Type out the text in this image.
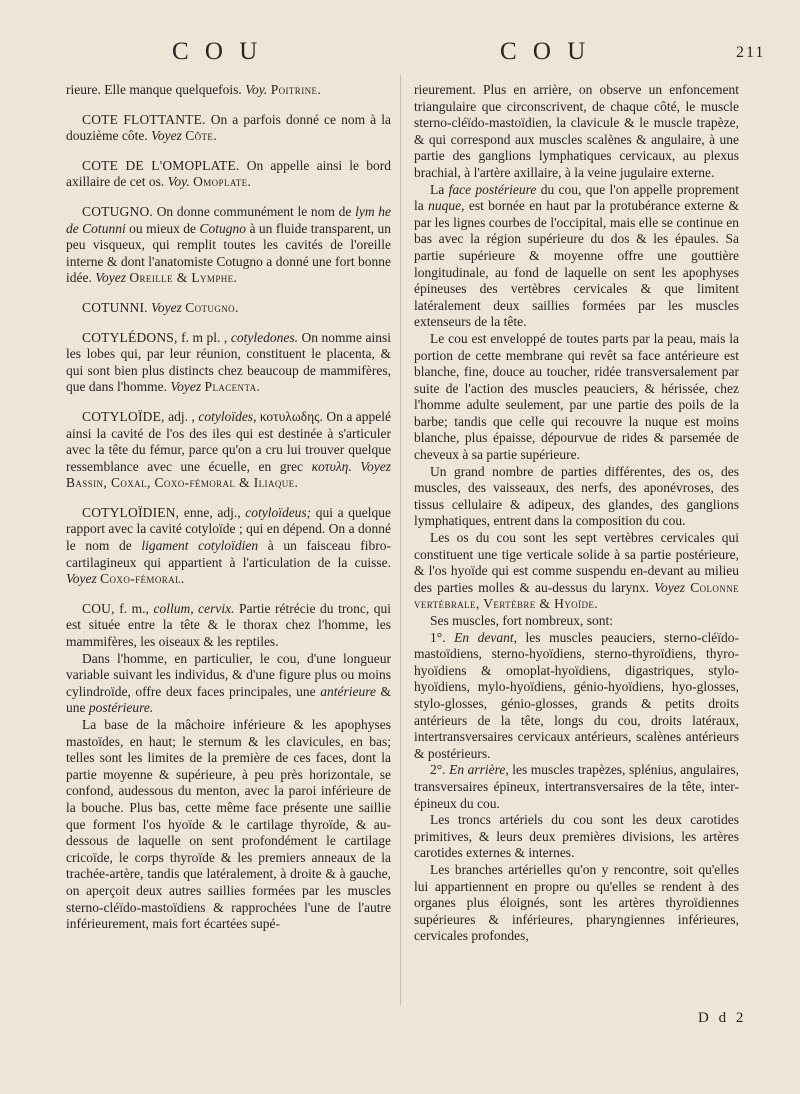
C O U	C O U	211

rieure. Elle manque quelquefois. Voy. Poitrine.

COTE FLOTTANTE. On a parfois donné ce nom à la douzième côte. Voyez Côte.

COTE DE L'OMOPLATE. On appelle ainsi le bord axillaire de cet os. Voy. Omoplate.

COTUGNO. On donne communément le nom de lym he de Cotunni ou mieux de Cotugno à un fluide transparent, un peu visqueux, qui remplit toutes les cavités de l'oreille interne & dont l'anatomiste Cotugno a donné une fort bonne idée. Voyez Oreille & Lymphe.

COTUNNI. Voyez Cotugno.

COTYLÉDONS, f. m pl. , cotyledones. On nomme ainsi les lobes qui, par leur réunion, constituent le placenta, & qui sont bien plus distincts chez beaucoup de mammifères, que dans l'homme. Voyez Placenta.

COTYLOÏDE, adj. , cotyloïdes, κοτυλωδης. On a appelé ainsi la cavité de l'os des iles qui est destinée à s'articuler avec la tête du fémur, parce qu'on a cru lui trouver quelque ressemblance avec une écuelle, en grec κοτυλη. Voyez Bassin, Coxal, Coxo-fémoral & Iliaque.

COTYLOÏDIEN, enne, adj., cotyloïdeus; qui a quelque rapport avec la cavité cotyloïde ; qui en dépend. On a donné le nom de ligament cotyloïdien à un faisceau fibro-cartilagineux qui appartient à l'articulation de la cuisse. Voyez Coxo-fémoral.

COU, f. m., collum, cervix. Partie rétrécie du tronc, qui est située entre la tête & le thorax chez l'homme, les mammifères, les oiseaux & les reptiles.

Dans l'homme, en particulier, le cou, d'une longueur variable suivant les individus, & d'une figure plus ou moins cylindroïde, offre deux faces principales, une antérieure & une postérieure.

La base de la mâchoire inférieure & les apophyses mastoïdes, en haut; le sternum & les clavicules, en bas; telles sont les limites de la première de ces faces, dont la partie moyenne & supérieure, à peu près horizontale, se confond, audessous du menton, avec la paroi inférieure de la bouche. Plus bas, cette même face présente une saillie que forment l'os hyoïde & le cartilage thyroïde, & au-dessous de laquelle on sent profondément le cartilage cricoïde, le corps thyroïde & les premiers anneaux de la trachée-artère, tandis que latéralement, à droite & à gauche, on aperçoit deux autres saillies formées par les muscles sterno-cléïdo-mastoïdiens & rapprochées l'une de l'autre inférieurement, mais fort écartées supé-

rieurement. Plus en arrière, on observe un enfoncement triangulaire que circonscrivent, de chaque côté, le muscle sterno-cléïdo-mastoïdien, la clavicule & le muscle trapèze, & qui correspond aux muscles scalènes & angulaire, à une partie des ganglions lymphatiques cervicaux, au plexus brachial, à l'artère axillaire, à la veine jugulaire externe.

La face postérieure du cou, que l'on appelle proprement la nuque, est bornée en haut par la protubérance externe & par les lignes courbes de l'occipital, mais elle se continue en bas avec la région supérieure du dos & les épaules. Sa partie supérieure & moyenne offre une gouttière longitudinale, au fond de laquelle on sent les apophyses épineuses des vertèbres cervicales & que limitent latéralement deux saillies formées par les muscles extenseurs de la tête.

Le cou est enveloppé de toutes parts par la peau, mais la portion de cette membrane qui revêt sa face antérieure est blanche, fine, douce au toucher, ridée transversalement par suite de l'action des muscles peauciers, & hérissée, chez l'homme adulte seulement, par une partie des poils de la barbe; tandis que celle qui recouvre la nuque est moins blanche, plus épaisse, dépourvue de rides & parsemée de cheveux à sa partie supérieure.

Un grand nombre de parties différentes, des os, des muscles, des vaisseaux, des nerfs, des aponévroses, des tissus cellulaire & adipeux, des glandes, des ganglions lymphatiques, entrent dans la composition du cou.

Les os du cou sont les sept vertèbres cervicales qui constituent une tige verticale solide à sa partie postérieure, & l'os hyoïde qui est comme suspendu en-devant au milieu des parties molles & au-dessus du larynx. Voyez Colonne vertébrale, Vertèbre & Hyoïde.

Ses muscles, fort nombreux, sont:

1°. En devant, les muscles peauciers, sterno-cléïdo-mastoïdiens, sterno-hyoïdiens, sterno-thyroïdiens, thyro-hyoïdiens & omoplat-hyoïdiens, digastriques, stylo-hyoïdiens, mylo-hyoïdiens, génio-hyoïdiens, hyo-glosses, stylo-glosses, génio-glosses, grands & petits droits antérieurs de la tête, longs du cou, droits latéraux, intertransversaires cervicaux antérieurs, scalènes antérieurs & postérieurs.

2°. En arrière, les muscles trapèzes, splénius, angulaires, transversaires épineux, intertransversaires de la tête, inter-épineux du cou.

Les troncs artériels du cou sont les deux carotides primitives, & leurs deux premières divisions, les artères carotides externes & internes.

Les branches artérielles qu'on y rencontre, soit qu'elles lui appartiennent en propre ou qu'elles se rendent à des organes plus éloignés, sont les artères thyroïdiennes supérieures & inférieures, pharyngiennes inférieures, cervicales profondes,

D d 2
